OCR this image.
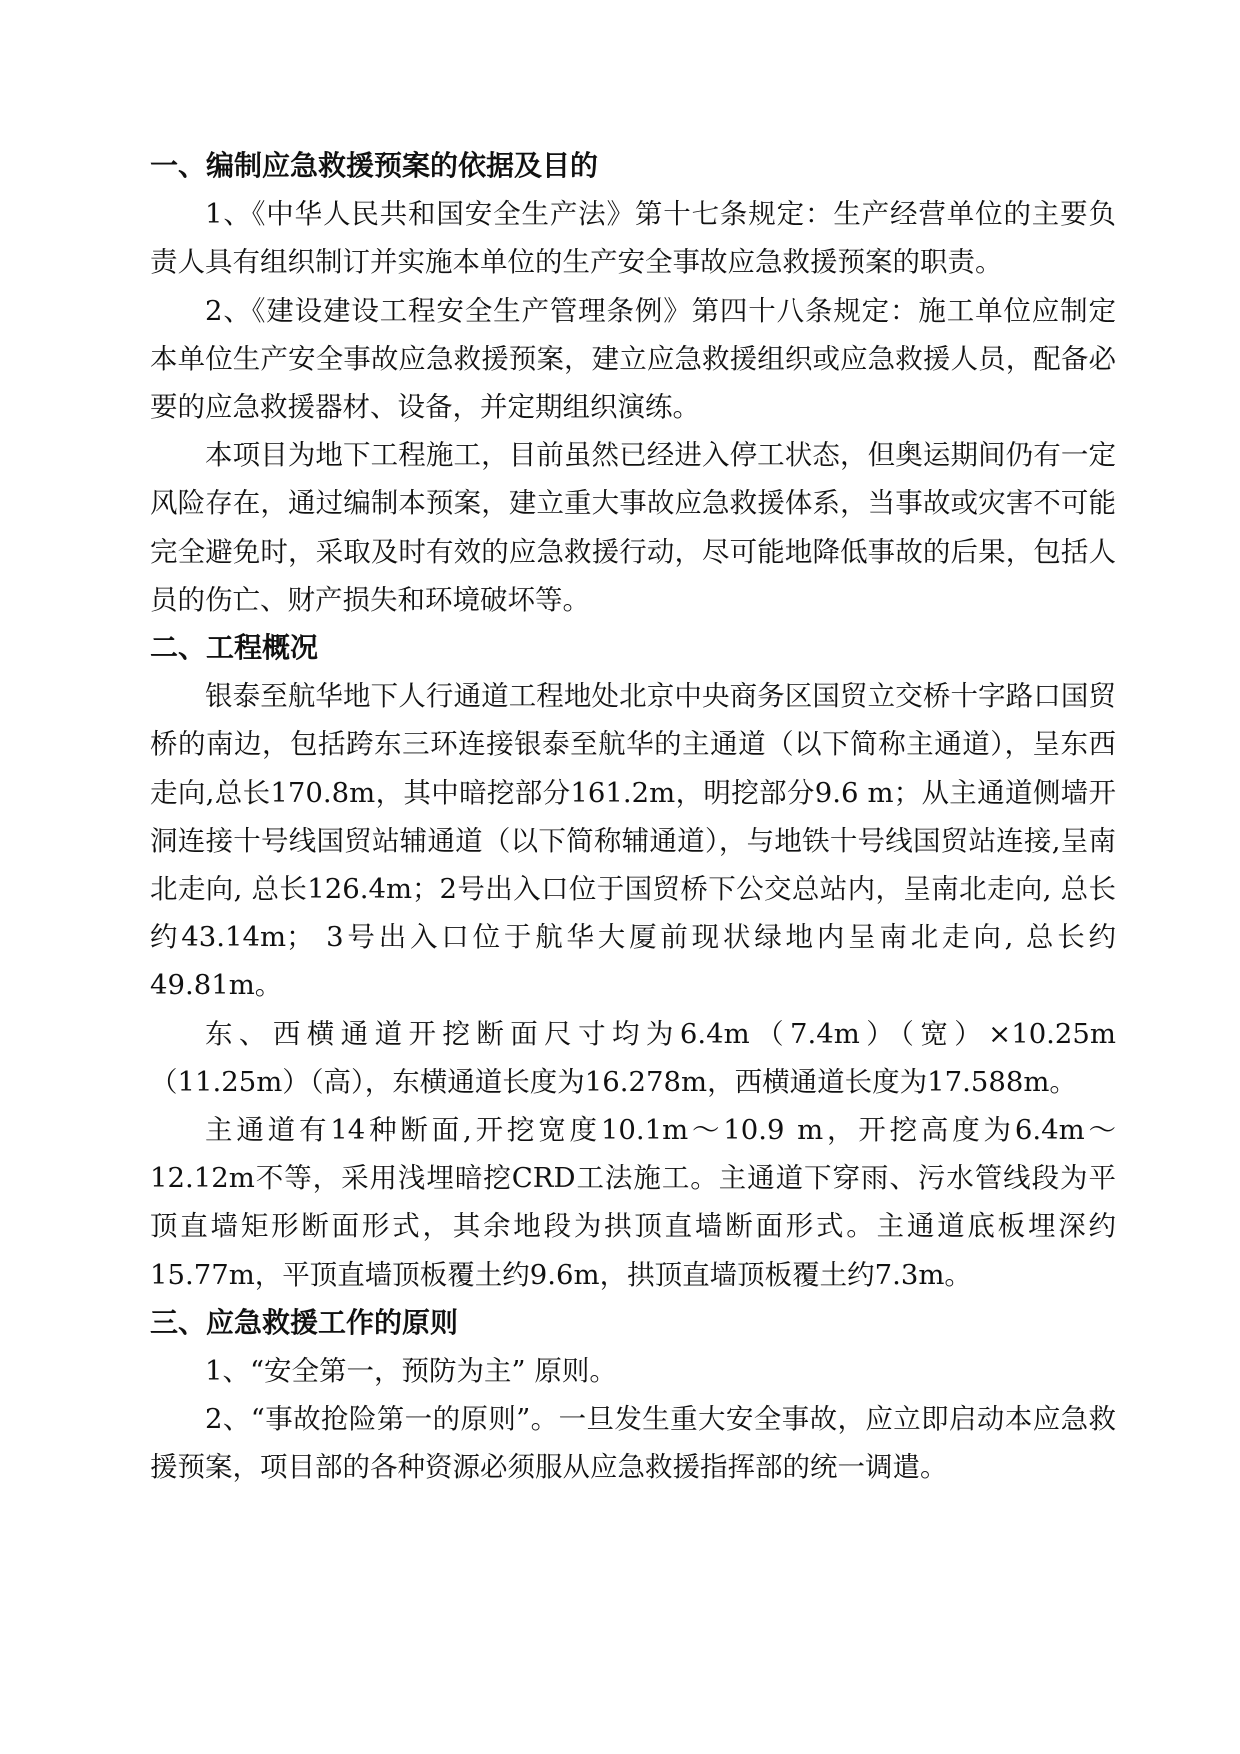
一、编制应急救援预案的依据及目的

1、《中华人民共和国安全生产法》第十七条规定：生产经营单位的主要负责人具有组织制订并实施本单位的生产安全事故应急救援预案的职责。

2、《建设建设工程安全生产管理条例》第四十八条规定：施工单位应制定本单位生产安全事故应急救援预案，建立应急救援组织或应急救援人员，配备必要的应急救援器材、设备，并定期组织演练。

本项目为地下工程施工，目前虽然已经进入停工状态，但奥运期间仍有一定风险存在，通过编制本预案，建立重大事故应急救援体系，当事故或灾害不可能完全避免时，采取及时有效的应急救援行动，尽可能地降低事故的后果，包括人员的伤亡、财产损失和环境破坏等。

二、工程概况

银泰至航华地下人行通道工程地处北京中央商务区国贸立交桥十字路口国贸桥的南边，包括跨东三环连接银泰至航华的主通道（以下简称主通道），呈东西走向,总长170.8m，其中暗挖部分161.2m，明挖部分9.6 m；从主通道侧墙开洞连接十号线国贸站辅通道（以下简称辅通道），与地铁十号线国贸站连接,呈南北走向, 总长126.4m；2号出入口位于国贸桥下公交总站内，呈南北走向, 总长约43.14m； 3号出入口位于航华大厦前现状绿地内呈南北走向, 总长约49.81m。

东、西横通道开挖断面尺寸均为6.4m（7.4m）（宽）×10.25m（11.25m）（高），东横通道长度为16.278m，西横通道长度为17.588m。

主通道有14种断面,开挖宽度10.1m～10.9 m，开挖高度为6.4m～12.12m不等，采用浅埋暗挖CRD工法施工。主通道下穿雨、污水管线段为平顶直墙矩形断面形式，其余地段为拱顶直墙断面形式。主通道底板埋深约15.77m，平顶直墙顶板覆土约9.6m，拱顶直墙顶板覆土约7.3m。

三、应急救援工作的原则

1、“安全第一，预防为主” 原则。

2、“事故抢险第一的原则”。一旦发生重大安全事故，应立即启动本应急救援预案，项目部的各种资源必须服从应急救援指挥部的统一调遣。
